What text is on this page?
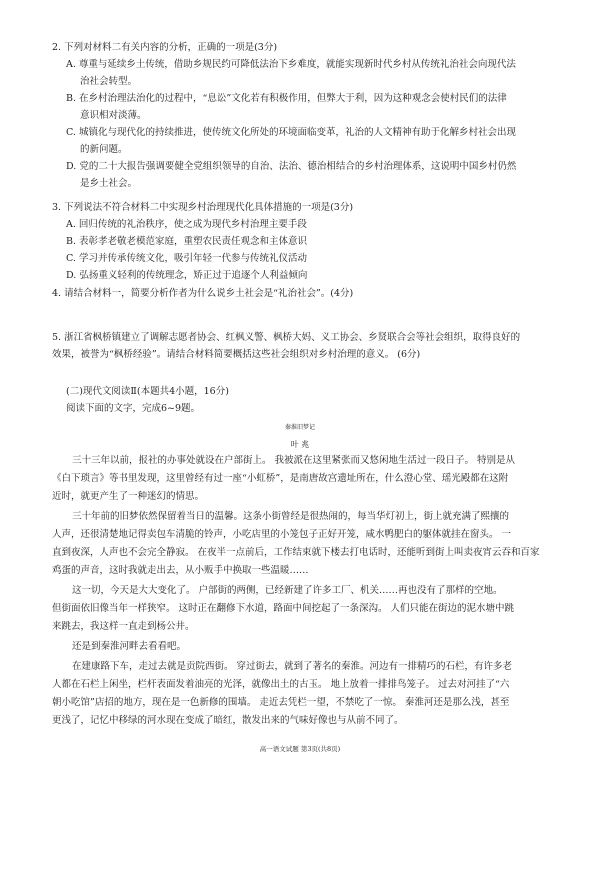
2. 下列对材料二有关内容的分析，正确的一项是(3分)
A. 尊重与延续乡土传统，借助乡规民约可降低法治下乡难度，就能实现新时代乡村从传统礼治社会向现代法
治社会转型。
B. 在乡村治理法治化的过程中，“息讼”文化若有积极作用，但弊大于利，因为这种观念会使村民们的法律
意识相对淡薄。
C. 城镇化与现代化的持续推进，使传统文化所处的环境面临变革，礼治的人文精神有助于化解乡村社会出现
的新问题。
D. 党的二十大报告强调要健全党组织领导的自治、法治、德治相结合的乡村治理体系，这说明中国乡村仍然
是乡土社会。
3. 下列说法不符合材料二中实现乡村治理现代化具体措施的一项是(3分)
A. 回归传统的礼治秩序，使之成为现代乡村治理主要手段
B. 表彰孝老敬老模范家庭，重塑农民责任观念和主体意识
C. 学习并传承传统文化，吸引年轻一代参与传统礼仪活动
D. 弘扬重义轻利的传统理念，矫正过于追逐个人利益倾向
4. 请结合材料一，简要分析作者为什么说乡土社会是“礼治社会”。(4分)
5. 浙江省枫桥镇建立了调解志愿者协会、红枫义警、枫桥大妈、义工协会、乡贤联合会等社会组织，取得良好的
效果，被誉为“枫桥经验”。请结合材料简要概括这些社会组织对乡村治理的意义。 (6分)
(二)现代文阅读Ⅱ(本题共4小题，16分)
阅读下面的文字，完成6~9题。
秦淮旧梦记
叶 兆
三十三年以前，报社的办事处就设在户部街上。 我被派在这里紧张而又悠闲地生活过一段日子。 特别是从
《白下琐言》等书里发现，这里曾经有过一座“小虹桥”，是南唐故宫遗址所在，什么澄心堂、瑶光殿都在这附
近时，就更产生了一种迷幻的情思。
三十年前的旧梦依然保留着当日的温馨。这条小街曾经是很热闹的，每当华灯初上，街上就充满了熙攘的
人声，还很清楚地记得卖包车清脆的铃声，小吃店里的小笼包子正好开笼，咸水鸭肥白的躯体就挂在窗头。 一
直到夜深，人声也不会完全静寂。 在夜半一点前后，工作结束就下楼去打电话时，还能听到街上叫卖夜宵云吞和百家
鸡蛋的声音，这时我就走出去，从小贩手中换取一些温暖……
这一切，今天是大大变化了。 户部街的两侧，已经新建了许多工厂、机关……再也没有了那样的空地。
但街面依旧像当年一样狭窄。 这时正在翻修下水道，路面中间挖起了一条深沟。 人们只能在街边的泥水塘中跳
来跳去，我这样一直走到杨公井。
还是到秦淮河畔去看看吧。
在建康路下车，走过去就是贡院西街。 穿过街去，就到了著名的秦淮。河边有一排精巧的石栏，有许多老
人都在石栏上闲坐，栏杆表面发着油亮的光泽，就像出土的古玉。 地上放着一排排鸟笼子。 过去对河挂了“六
朝小吃馆”店招的地方，现在是一色新修的围墙。 走近去凭栏一望，不禁吃了一惊。 秦淮河还是那么浅，甚至
更浅了，记忆中移绿的河水现在变成了暗红，散发出来的气味好像也与从前不同了。
高一语文试题 第3页(共8页)
